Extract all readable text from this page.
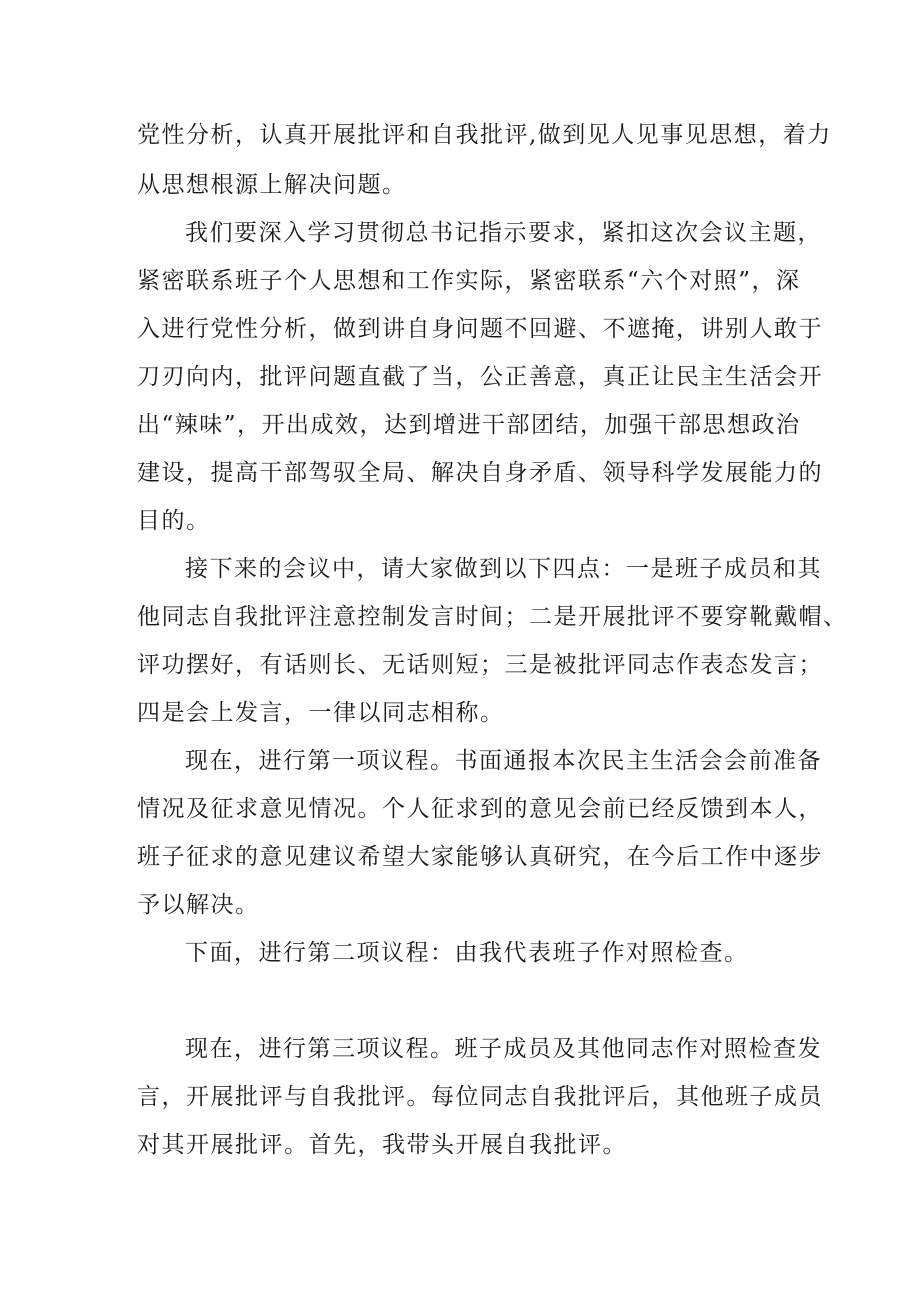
党性分析，认真开展批评和自我批评,做到见人见事见思想，着力

从思想根源上解决问题。

我们要深入学习贯彻总书记指示要求，紧扣这次会议主题，

紧密联系班子个人思想和工作实际，紧密联系“六个对照”，深

入进行党性分析，做到讲自身问题不回避、不遮掩，讲别人敢于

刀刃向内，批评问题直截了当，公正善意，真正让民主生活会开

出“辣味”，开出成效，达到增进干部团结，加强干部思想政治

建设，提高干部驾驭全局、解决自身矛盾、领导科学发展能力的

目的。

接下来的会议中，请大家做到以下四点：一是班子成员和其

他同志自我批评注意控制发言时间；二是开展批评不要穿靴戴帽、

评功摆好，有话则长、无话则短；三是被批评同志作表态发言；

四是会上发言，一律以同志相称。

现在，进行第一项议程。书面通报本次民主生活会会前准备

情况及征求意见情况。个人征求到的意见会前已经反馈到本人，

班子征求的意见建议希望大家能够认真研究，在今后工作中逐步

予以解决。

下面，进行第二项议程：由我代表班子作对照检查。

现在，进行第三项议程。班子成员及其他同志作对照检查发

言，开展批评与自我批评。每位同志自我批评后，其他班子成员

对其开展批评。首先，我带头开展自我批评。
